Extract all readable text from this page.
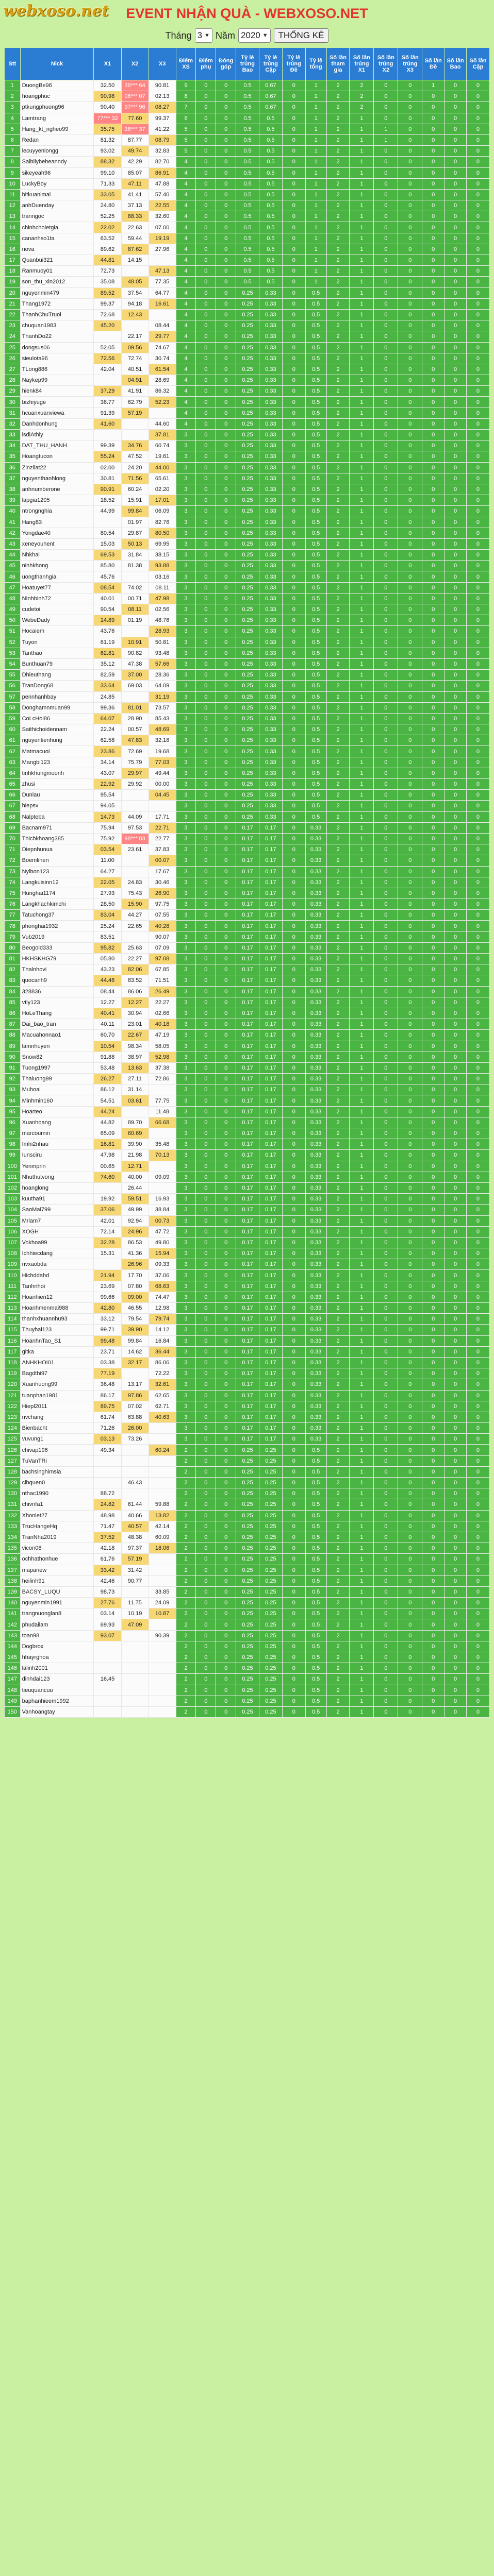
webxoso.net	EVENT NHẬN QUÀ - WEBXOSO.NET
Tháng 3 ▼ Năm 2020 ▼	THỐNG KÊ
Stt	Nick	X1	X2	X3	Điểm XS	Điểm phụ	Đóng góp	Tỷ lệ trúng Bao	Tỷ lệ trúng Cặp	Tỷ lệ trúng Đề	Tỷ lệ tổng	Số lần tham gia	Số lần trúng X1	Số lần trúng X2	Số lần trúng X3	Số lần Đề	Số lần Bao	Số lần Cặp
1	DuongBe96	32.50	36*** 64	90.81	9	0	0	0.5	0.67	0	1	2	2	0	0	1	0	0
2	hoangphuc	90.98	06*** 07	02.13	8	0	0	0.5	0.67	0	1	2	2	0	0	0	0	0
3	ptkungphuong96	90.40	97*** 96	08.27	7	0	0	0.5	0.67	0	1	2	2	0	0	0	0	0
4	Lamtrang	77*** 32	77.60	99.37	6	0	0	0.5	0.5	0	1	2	1	0	0	0	0	0
5	Hang_kt_ngheo99	35.75	36*** 37	41.22	5	0	0	0.5	0.5	0	1	2	1	1	0	0	0	0
6	Redan	81.32	87.77	08.79	5	0	0	0.5	0.5	0	1	2	1	1	0	0	0	0
7	lecuyyenlongg	93.02	49.74	32.83	5	0	0	0.5	0.5	0	1	2	1	0	0	0	0	0
8	Saibilybeheanndy	88.32	42.29	82.70	4	0	0	0.5	0.5	0	1	2	1	0	0	0	0	0
9	sikeyeah96	99.10	85.07	86.91	4	0	0	0.5	0.5	0	1	2	1	0	0	0	0	0
10	LuckyBoy	71.33	47.11	47.88	4	0	0	0.5	0.5	0	1	2	1	0	0	0	0	0
11	bitkuanimal	33.05	41.41	57.40	4	0	0	0.5	0.5	0	1	2	1	0	0	0	0	0
12	anhDuenday	24.80	37.13	22.55	4	0	0	0.5	0.5	0	1	2	1	0	0	0	0	0
13	tranngoc	52.25	88.33	32.60	4	0	0	0.5	0.5	0	1	2	1	0	0	0	0	0
14	chinhcholetgia	22.02	22.63	07.00	4	0	0	0.5	0.5	0	1	2	1	0	0	0	0	0
15	cananhso1ta	63.52	59.44	19.19	4	0	0	0.5	0.5	0	1	2	1	0	0	0	0	0
16	nova	89.62	87.62	27.96	4	0	0	0.5	0.5	0	1	2	1	0	0	0	0	0
17	Quanbui321	44.81	14.15		4	0	0	0.5	0.5	0	1	2	1	0	0	0	0	0
18	Ranmuoy01	72.73		47.13	4	0	0	0.5	0.5	0	1	2	1	0	0	0	0	0
19	son_thu_xin2012	35.08	48.05	77.35	4	0	0	0.5	0.5	0	1	2	1	0	0	0	0	0
20	nguyenmin479	89.52	37.54	64.77	4	0	0	0.25	0.33	0	0.5	2	1	0	0	0	0	0
21	Thang1972	99.37	94.18	16.61	4	0	0	0.25	0.33	0	0.5	2	1	0	0	0	0	0
22	ThanhChuTruoi	72.68	12.43		4	0	0	0.25	0.33	0	0.5	2	1	0	0	0	0	0
23	chuquan1983	45.20		08.44	4	0	0	0.25	0.33	0	0.5	2	1	0	0	0	0	0
24	ThanhDo22		22.17	29.77	4	0	0	0.25	0.33	0	0.5	2	1	0	0	0	0	0
25	dongsus06	52.05	09.56	74.67	4	0	0	0.25	0.33	0	0.5	2	1	0	0	0	0	0
26	sieulota96	72.56	72.74	30.74	4	0	0	0.25	0.33	0	0.5	2	1	0	0	0	0	0
27	TLong886	42.04	40.51	61.54	4	0	0	0.25	0.33	0	0.5	2	1	0	0	0	0	0
28	Naykep99		04.91	28.69	4	0	0	0.25	0.33	0	0.5	2	1	0	0	0	0	0
29	hienk84	37.29	41.91	86.32	4	0	0	0.25	0.33	0	0.5	2	1	0	0	0	0	0
30	bizhiyuge	38.77	62.79	52.23	4	0	0	0.25	0.33	0	0.5	2	1	0	0	0	0	0
31	hcuanxuanviewa	91.39	57.19		4	0	0	0.25	0.33	0	0.5	2	1	0	0	0	0	0
32	Danhdonhung	41.60		44.60	4	0	0	0.25	0.33	0	0.5	2	1	0	0	0	0	0
33	lsdiAthly			37.81	3	0	0	0.25	0.33	0	0.5	2	1	0	0	0	0	0
34	DAT_THU_HANH	99.39	34.76	60.74	3	0	0	0.25	0.33	0	0.5	2	1	0	0	0	0	0
35	Hoangtucon	55.24	47.52	19.61	3	0	0	0.25	0.33	0	0.5	2	1	0	0	0	0	0
36	Zinzilat22	02.00	24.20	44.00	3	0	0	0.25	0.33	0	0.5	2	1	0	0	0	0	0
37	nguyenthanhlong	30.81	71.56	65.61	3	0	0	0.25	0.33	0	0.5	2	1	0	0	0	0	0
38	anhnumberone	90.91	60.24	02.20	3	0	0	0.25	0.33	0	0.5	2	1	0	0	0	0	0
39	lapgia1205	18.52	15.91	17.01	3	0	0	0.25	0.33	0	0.5	2	1	0	0	0	0	0
40	ntrongnghia	44.99	99.84	06.09	3	0	0	0.25	0.33	0	0.5	2	1	0	0	0	0	0
41	Hang83		01.97	82.76	3	0	0	0.25	0.33	0	0.5	2	1	0	0	0	0	0
42	Yongdae40	80.54	29.87	80.50	3	0	0	0.25	0.33	0	0.5	2	1	0	0	0	0	0
43	xeneyouhent	15.03	50.13	69.95	3	0	0	0.25	0.33	0	0.5	2	1	0	0	0	0	0
44	Nhkhai	69.53	31.84	38.15	3	0	0	0.25	0.33	0	0.5	2	1	0	0	0	0	0
45	ninhkhong	85.80	81.38	93.88	3	0	0	0.25	0.33	0	0.5	2	1	0	0	0	0	0
46	uongthanhgia	45.76		03.16	3	0	0	0.25	0.33	0	0.5	2	1	0	0	0	0	0
47	Hoatuyet77	08.54	74.02	08.11	3	0	0	0.25	0.33	0	0.5	2	1	0	0	0	0	0
48	NInhbinh72	40.01	00.71	47.98	3	0	0	0.25	0.33	0	0.5	2	1	0	0	0	0	0
49	cudetoi	90.54	08.11	02.56	3	0	0	0.25	0.33	0	0.5	2	1	0	0	0	0	0
50	WebeDady	14.89	01.19	48.76	3	0	0	0.25	0.33	0	0.5	2	1	0	0	0	0	0
51	Hocaiem	43.76		28.93	3	0	0	0.25	0.33	0	0.5	2	1	0	0	0	0	0
52	Tuyon	61.19	10.91	50.81	3	0	0	0.25	0.33	0	0.5	2	1	0	0	0	0	0
53	Tanthao	62.81	90.82	93.48	3	0	0	0.25	0.33	0	0.5	2	1	0	0	0	0	0
54	Bunthuan79	35.12	47.38	57.66	3	0	0	0.25	0.33	0	0.5	2	1	0	0	0	0	0
55	Dhieuthang	82.59	37.00	28.36	3	0	0	0.25	0.33	0	0.5	2	1	0	0	0	0	0
56	TranDong68	33.64	69.03	64.09	3	0	0	0.25	0.33	0	0.5	2	1	0	0	0	0	0
57	pennhanhbay	24.85		31.19	3	0	0	0.25	0.33	0	0.5	2	1	0	0	0	0	0
58	Donghamnmuan99	99.36	81.01	73.57	3	0	0	0.25	0.33	0	0.5	2	1	0	0	0	0	0
59	CoLcHoi86	64.07	28.90	85.43	3	0	0	0.25	0.33	0	0.5	2	1	0	0	0	0	0
60	Saithichoidennam	22.24	00.57	48.69	3	0	0	0.25	0.33	0	0.5	2	1	0	0	0	0	0
61	nguyentienhung	62.58	47.83	32.18	3	0	0	0.25	0.33	0	0.5	2	1	0	0	0	0	0
62	Matmacuoi	23.86	72.69	19.68	3	0	0	0.25	0.33	0	0.5	2	1	0	0	0	0	0
63	Mangbi123	34.14	75.79	77.03	3	0	0	0.25	0.33	0	0.5	2	1	0	0	0	0	0
64	tinhkhungmuonh	43.07	29.97	49.44	3	0	0	0.25	0.33	0	0.5	2	1	0	0	0	0	0
65	zhusi	22.92	29.92	00.00	3	0	0	0.25	0.33	0	0.5	2	1	0	0	0	0	0
66	Dunlau	95.54		04.45	3	0	0	0.25	0.33	0	0.5	2	1	0	0	0	0	0
67	hiepsv	94.05			3	0	0	0.25	0.33	0	0.5	2	1	0	0	0	0	0
68	Nalpteba	14.73	44.09	17.71	3	0	0	0.25	0.33	0	0.5	2	1	0	0	0	0	0
69	Bacnam971	75.94	97.53	22.71	3	0	0	0.17	0.17	0	0.33	2	1	0	0	0	0	0
70	Thichkhoang385	75.92	98*** 03	22.77	3	0	0	0.17	0.17	0	0.33	2	1	0	0	0	0	0
71	Diepnhunua	03.54	23.61	37.83	3	0	0	0.17	0.17	0	0.33	2	1	0	0	0	0	0
72	Boemlinen	11.00		00.07	3	0	0	0.17	0.17	0	0.33	2	1	0	0	0	0	0
73	Nylbon123	64.27		17.67	3	0	0	0.17	0.17	0	0.33	2	1	0	0	0	0	0
74	Langkuisinn12	22.05	24.83	30.46	3	0	0	0.17	0.17	0	0.33	2	1	0	0	0	0	0
75	Hunghai1174	27.93	75.43	26.90	3	0	0	0.17	0.17	0	0.33	2	1	0	0	0	0	0
76	Langkhachkimchi	28.50	15.90	97.75	3	0	0	0.17	0.17	0	0.33	2	1	0	0	0	0	0
77	Tatuchong37	83.04	44.27	07.55	3	0	0	0.17	0.17	0	0.33	2	1	0	0	0	0	0
78	phonghai1932	25.24	22.65	40.28	3	0	0	0.17	0.17	0	0.33	2	1	0	0	0	0	0
79	Vub2019	83.51		90.07	3	0	0	0.17	0.17	0	0.33	2	1	0	0	0	0	0
80	Beogold333	95.82	25.63	07.09	3	0	0	0.17	0.17	0	0.33	2	1	0	0	0	0	0
81	HKHSKHG79	05.80	22.27	97.08	3	0	0	0.17	0.17	0	0.33	2	1	0	0	0	0	0
82	Thalnhovi	43.23	82.06	67.85	3	0	0	0.17	0.17	0	0.33	2	1	0	0	0	0	0
83	quocanh9	44.46	83.52	71.51	3	0	0	0.17	0.17	0	0.33	2	1	0	0	0	0	0
84	328836	08.44	86.06	26.49	3	0	0	0.17	0.17	0	0.33	2	1	0	0	0	0	0
85	vtly123	12.27	12.27	22.27	3	0	0	0.17	0.17	0	0.33	2	1	0	0	0	0	0
86	HoLeThang	40.41	30.94	02.66	3	0	0	0.17	0.17	0	0.33	2	1	0	0	0	0	0
87	Dai_bao_tran	40.11	23.01	40.18	3	0	0	0.17	0.17	0	0.33	2	1	0	0	0	0	0
88	Macuahonnao1	60.70	22.67	47.19	3	0	0	0.17	0.17	0	0.33	2	1	0	0	0	0	0
89	lamnhuyen	10.54	98.34	58.05	3	0	0	0.17	0.17	0	0.33	2	1	0	0	0	0	0
90	Snow82	91.88	38.97	52.98	3	0	0	0.17	0.17	0	0.33	2	1	0	0	0	0	0
91	Tuong1997	53.48	13.63	37.38	3	0	0	0.17	0.17	0	0.33	2	1	0	0	0	0	0
92	Thaiuong99	26.27	27.11	72.86	3	0	0	0.17	0.17	0	0.33	2	1	0	0	0	0	0
93	Muhoai	86.12	31.14		3	0	0	0.17	0.17	0	0.33	2	1	0	0	0	0	0
94	Minhmin160	54.51	03.61	77.75	3	0	0	0.17	0.17	0	0.33	2	1	0	0	0	0	0
95	Hoarteo	44.24		11.48	3	0	0	0.17	0.17	0	0.33	2	1	0	0	0	0	0
96	Xuanhoang	44.82	89.70	66.68	3	0	0	0.17	0.17	0	0.33	2	1	0	0	0	0	0
97	marcoumin	65.09	60.69		3	0	0	0.17	0.17	0	0.33	2	1	0	0	0	0	0
98	Imhi2nhau	16.81	39.90	35.48	3	0	0	0.17	0.17	0	0.33	2	1	0	0	0	0	0
99	Iunsciru	47.98	21.98	70.13	3	0	0	0.17	0.17	0	0.33	2	1	0	0	0	0	0
100	Yenmprin	00.65	12.71		3	0	0	0.17	0.17	0	0.33	2	1	0	0	0	0	0
101	Nhuthutvong	74.60	40.00	09.09	3	0	0	0.17	0.17	0	0.33	2	1	0	0	0	0	0
102	hoanglong		26.44		3	0	0	0.17	0.17	0	0.33	2	1	0	0	0	0	0
103	kuutha91	19.92	59.51	16.93	3	0	0	0.17	0.17	0	0.33	2	1	0	0	0	0	0
104	SaoMai799	37.06	49.99	38.84	3	0	0	0.17	0.17	0	0.33	2	1	0	0	0	0	0
105	Mrlam7	42.01	92.94	00.73	3	0	0	0.17	0.17	0	0.33	2	1	0	0	0	0	0
106	XOGH	72.14	24.96	47.72	3	0	0	0.17	0.17	0	0.33	2	1	0	0	0	0	0
107	Vokhoa99	32.28	86.53	49.80	3	0	0	0.17	0.17	0	0.33	2	1	0	0	0	0	0
108	Ichhiecdang	15.31	41.36	15.94	3	0	0	0.17	0.17	0	0.33	2	1	0	0	0	0	0
109	nvxaobda		26.96	09.33	3	0	0	0.17	0.17	0	0.33	2	1	0	0	0	0	0
110	Hichddahd	21.94	17.70	37.06	3	0	0	0.17	0.17	0	0.33	2	1	0	0	0	0	0
111	Tanhnhoi	23.69	07.80	68.63	3	0	0	0.17	0.17	0	0.33	2	1	0	0	0	0	0
112	Hoanhien12	99.66	09.00	74.47	3	0	0	0.17	0.17	0	0.33	2	1	0	0	0	0	0
113	Hoanhmenmai988	42.80	46.55	12.98	3	0	0	0.17	0.17	0	0.33	2	1	0	0	0	0	0
114	thanhxhuannhu93	33.12	79.54	79.74	3	0	0	0.17	0.17	0	0.33	2	1	0	0	0	0	0
115	Thuyhai123	99.71	39.90	14.12	3	0	0	0.17	0.17	0	0.33	2	1	0	0	0	0	0
116	HoanhnTao_S1	99.48	99.84	16.84	3	0	0	0.17	0.17	0	0.33	2	1	0	0	0	0	0
117	gitka	23.71	14.62	36.44	3	0	0	0.17	0.17	0	0.33	2	1	0	0	0	0	0
118	ANHKHOI01	03.38	32.17	86.06	3	0	0	0.17	0.17	0	0.33	2	1	0	0	0	0	0
119	Bagdthi97	77.19		72.22	3	0	0	0.17	0.17	0	0.33	2	1	0	0	0	0	0
120	Xuanhuong99	36.48	13.17	32.61	3	0	0	0.17	0.17	0	0.33	2	1	0	0	0	0	0
121	tuanphan1981	86.17	97.86	62.65	3	0	0	0.17	0.17	0	0.33	2	1	0	0	0	0	0
122	Hiepl2011	89.75	07.02	62.71	3	0	0	0.17	0.17	0	0.33	2	1	0	0	0	0	0
123	nvchang	61.74	63.88	40.63	3	0	0	0.17	0.17	0	0.33	2	1	0	0	0	0	0
124	Bienbacht	71.26	26.00		3	0	0	0.17	0.17	0	0.33	2	1	0	0	0	0	0
125	vuvung1	03.13	73.26		3	0	0	0.17	0.17	0	0.33	2	1	0	0	0	0	0
126	chivap196	49.34		60.24	2	0	0	0.25	0.25	0	0.5	2	1	0	0	0	0	0
127	TuVanTRi				2	0	0	0.25	0.25	0	0.5	2	1	0	0	0	0	0
128	bachsinghimsia				2	0	0	0.25	0.25	0	0.5	2	1	0	0	0	0	0
129	clbquen0		46.43		2	0	0	0.25	0.25	0	0.5	2	1	0	0	0	0	0
130	nthac1990	88.72			2	0	0	0.25	0.25	0	0.5	2	1	0	0	0	0	0
131	chivnfa1	24.82	61.44	59.88	2	0	0	0.25	0.25	0	0.5	2	1	0	0	0	0	0
132	Xhonlet27	48.98	40.66	13.82	2	0	0	0.25	0.25	0	0.5	2	1	0	0	0	0	0
133	TrucHangeHq	71.47	40.57	42.14	2	0	0	0.25	0.25	0	0.5	2	1	0	0	0	0	0
134	TranNha2019	37.52	48.38	60.09	2	0	0	0.25	0.25	0	0.5	2	1	0	0	0	0	0
135	vicon08	42.18	97.37	18.06	2	0	0	0.25	0.25	0	0.5	2	1	0	0	0	0	0
136	ochhathonhue	61.76	57.19		2	0	0	0.25	0.25	0	0.5	2	1	0	0	0	0	0
137	mapariew	33.42	31.42		2	0	0	0.25	0.25	0	0.5	2	1	0	0	0	0	0
138	heilinh91	42.46	90.77		2	0	0	0.25	0.25	0	0.5	2	1	0	0	0	0	0
139	BACSY_LUQU	98.73		33.85	2	0	0	0.25	0.25	0	0.5	2	1	0	0	0	0	0
140	nguyenmin1991	27.76	11.75	24.09	2	0	0	0.25	0.25	0	0.5	2	1	0	0	0	0	0
141	trangnuonglan8	03.14	10.19	10.87	2	0	0	0.25	0.25	0	0.5	2	1	0	0	0	0	0
142	phudailam	69.93	47.09		2	0	0	0.25	0.25	0	0.5	2	1	0	0	0	0	0
143	toan98	93.07		90.39	2	0	0	0.25	0.25	0	0.5	2	1	0	0	0	0	0
144	Dogbrox				2	0	0	0.25	0.25	0	0.5	2	1	0	0	0	0	0
145	hhayrghoa				2	0	0	0.25	0.25	0	0.5	2	1	0	0	0	0	0
146	lalinh2001				2	0	0	0.25	0.25	0	0.5	2	1	0	0	0	0	0
147	dinhdai123	16.45			2	0	0	0.25	0.25	0	0.5	2	1	0	0	0	0	0
148	tieuquancuu				2	0	0	0.25	0.25	0	0.5	2	1	0	0	0	0	0
149	baphanhieem1992				2	0	0	0.25	0.25	0	0.5	2	1	0	0	0	0	0
150	Vanhoangtay				2	0	0	0.25	0.25	0	0.5	2	1	0	0	0	0	0
